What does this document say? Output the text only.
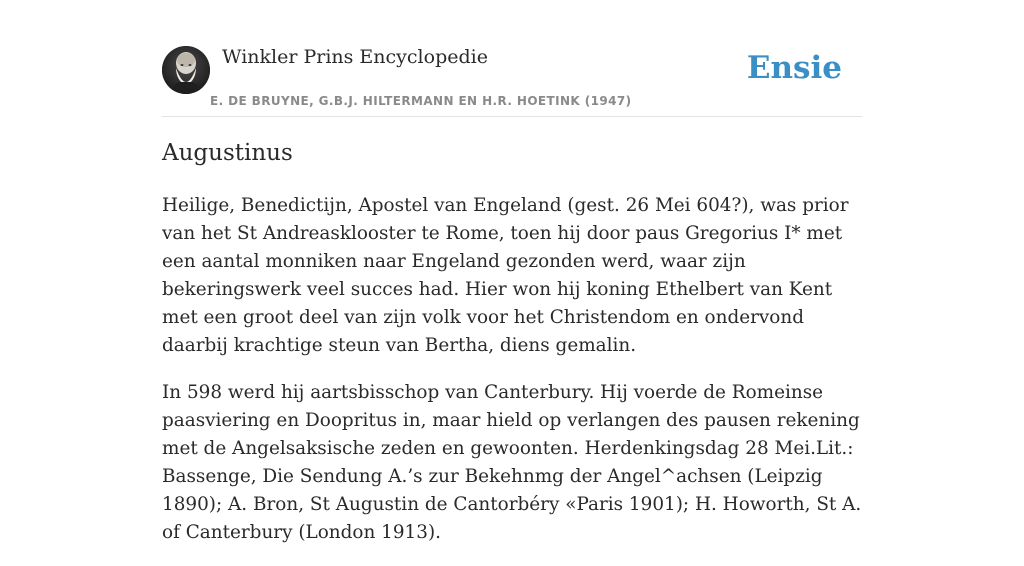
Winkler Prins Encyclopedie
E. DE BRUYNE, G.B.J. HILTERMANN EN H.R. HOETINK (1947)
Ensie
Augustinus

Heilige, Benedictijn, Apostel van Engeland (gest. 26 Mei 604?), was prior van het St Andreasklooster te Rome, toen hij door paus Gregorius I* met een aantal monniken naar Engeland gezonden werd, waar zijn bekeringswerk veel succes had. Hier won hij koning Ethelbert van Kent met een groot deel van zijn volk voor het Christendom en ondervond daarbij krachtige steun van Bertha, diens gemalin.

In 598 werd hij aartsbisschop van Canterbury. Hij voerde de Romeinse paasviering en Doopritus in, maar hield op verlangen des pausen rekening met de Angelsaksische zeden en gewoonten. Herdenkingsdag 28 Mei.Lit.: Bassenge, Die Sendung A.’s zur Bekehnmg der Angel^achsen (Leipzig 1890); A. Bron, St Augustin de Cantorbéry «Paris 1901); H. Howorth, St A. of Canterbury (London 1913).
